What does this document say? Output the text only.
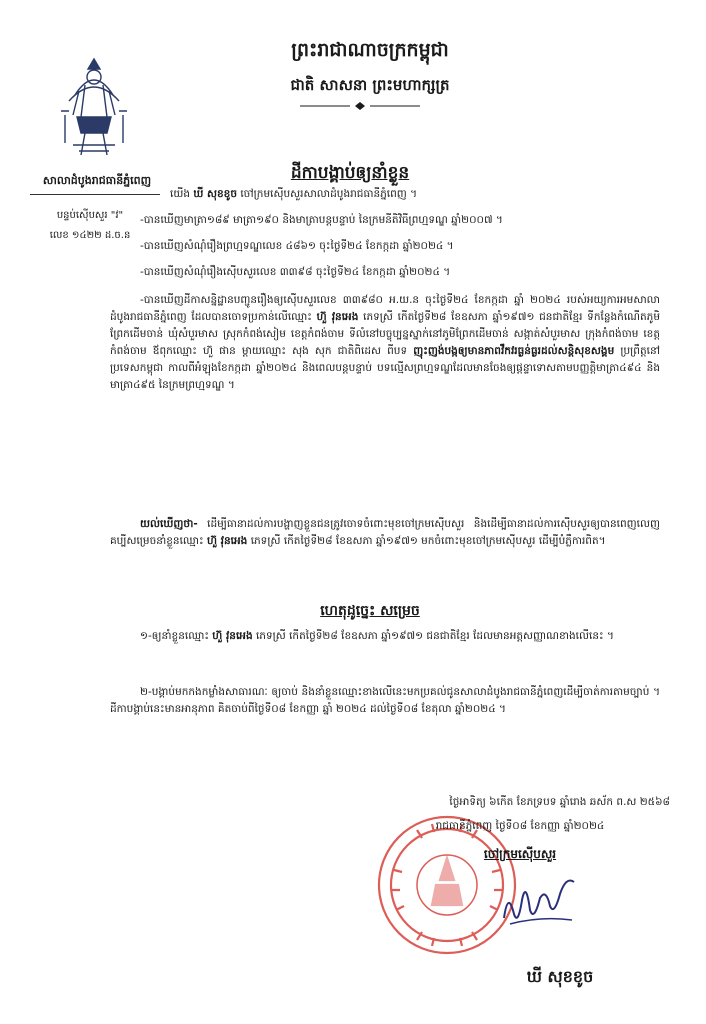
សាលាដំបូងរាជធានីភ្នំពេញ
បន្ទប់ស៊ើបសួរ "វ"
លេខ ១៤២២ ដ.ច.ន
ព្រះរាជាណាចក្រកម្ពុជា
ជាតិ សាសនា ព្រះមហាក្សត្រ
ដីកាបង្គាប់ឲ្យនាំខ្លួន
យើង ឃី សុខខូច ចៅក្រមស៊ើបសួរសាលាដំបូងរាជធានីភ្នំពេញ ។
-បានឃើញមាត្រា១៨៩ មាត្រា១៩០ និងមាត្រាបន្តបន្ទាប់ នៃក្រមនីតិវិធីព្រហ្មទណ្ឌ ឆ្នាំ២០០៧ ។
-បានឃើញសំណុំរឿងព្រហ្មទណ្ឌលេខ ៤៨៦១ ចុះថ្ងៃទី២៤ ខែកក្កដា ឆ្នាំ២០២៤ ។
-បានឃើញសំណុំរឿងស៊ើបសួរលេខ ៣៣៩៨ ចុះថ្ងៃទី២៤ ខែកក្កដា ឆ្នាំ២០២៤ ។
-បានឃើញដីកាសន្និដ្ឋានបញ្ជូនរឿងឲ្យស៊ើបសួរលេខ ៣៣៩៨០ អ.យ.ន ចុះថ្ងៃទី២៤ ខែកក្កដា ឆ្នាំ ២០២៤ របស់អយ្យការអមសាលាដំបូងរាជធានីភ្នំពេញ ដែលបានចោទប្រកាន់លើឈ្មោះ ហ៊ួ វុនអេង ភេទស្រី កើតថ្ងៃទី២៨ ខែឧសភា ឆ្នាំ១៩៧១ ជនជាតិខ្មែរ ទីកន្លែងកំណើតភូមិព្រែកដើមចាន់ ឃុំសំបួរមាស ស្រុកកំពង់សៀម ខេត្តកំពង់ចាម ទីលំនៅបច្ចុប្បន្នស្នាក់នៅភូមិព្រែកដើមចាន់ សង្កាត់សំបួរមាស ក្រុងកំពង់ចាម ខេត្តកំពង់ចាម ឪពុកឈ្មោះ ហ៊ួ ផាន ម្ដាយឈ្មោះ សុង សុក ជាតិពិដេស ពីបទ ញុះញង់បង្កឲ្យមានភាពវឹកវរធ្ងន់ធ្ងរដល់សន្តិសុខសង្គម ប្រព្រឹត្តនៅប្រទេសកម្ពុជា កាលពីអំឡុងខែកក្កដា ឆ្នាំ២០២៤ និងពេលបន្តបន្ទាប់ បទល្មើសព្រហ្មទណ្ឌដែលមានចែងឲ្យផ្ដន្ទាទោសតាមបញ្ញត្តិមាត្រា៤៩៤ និងមាត្រា៤៩៥ នៃក្រមព្រហ្មទណ្ឌ ។
យល់ឃើញថា- ដើម្បីធានាដល់ការបង្ហាញខ្លួនជនត្រូវចោទចំពោះមុខចៅក្រមស៊ើបសួរ និងដើម្បីធានាដល់ការស៊ើបសួរឲ្យបានពេញលេញ គប្បីសម្រេចនាំខ្លួនឈ្មោះ ហ៊ួ វុនអេង ភេទស្រី កើតថ្ងៃទី២៨ ខែឧសភា ឆ្នាំ១៩៧១ មកចំពោះមុខចៅក្រមស៊ើបសួរ ដើម្បីបំភ្លឺការពិត។
ហេតុដូច្នេះ សម្រេច
១-ឲ្យនាំខ្លួនឈ្មោះ ហ៊ួ វុនអេង ភេទស្រី កើតថ្ងៃទី២៨ ខែឧសភា ឆ្នាំ១៩៧១ ជនជាតិខ្មែរ ដែលមានអត្តសញ្ញាណខាងលើនេះ ។
២-បង្គាប់មកកងកម្លាំងសាធារណៈ ឲ្យចាប់ និងនាំខ្លួនឈ្មោះខាងលើនេះមកប្រគល់ជូនសាលាដំបូងរាជធានីភ្នំពេញដើម្បីចាត់ការតាមច្បាប់ ។ ដីកាបង្គាប់នេះមានអានុភាព គិតចាប់ពីថ្ងៃទី០៨ ខែកញ្ញា ឆ្នាំ ២០២៤ ដល់ថ្ងៃទី០៨ ខែតុលា ឆ្នាំ២០២៤ ។
ថ្ងៃអាទិត្យ ៦កើត ខែភទ្របទ ឆ្នាំរោង ឆស័ក ព.ស ២៥៦៨
រាជធានីភ្នំពេញ ថ្ងៃទី០៨ ខែកញ្ញា ឆ្នាំ២០២៤
ចៅក្រមស៊ើបសួរ
ឃី សុខខូច
